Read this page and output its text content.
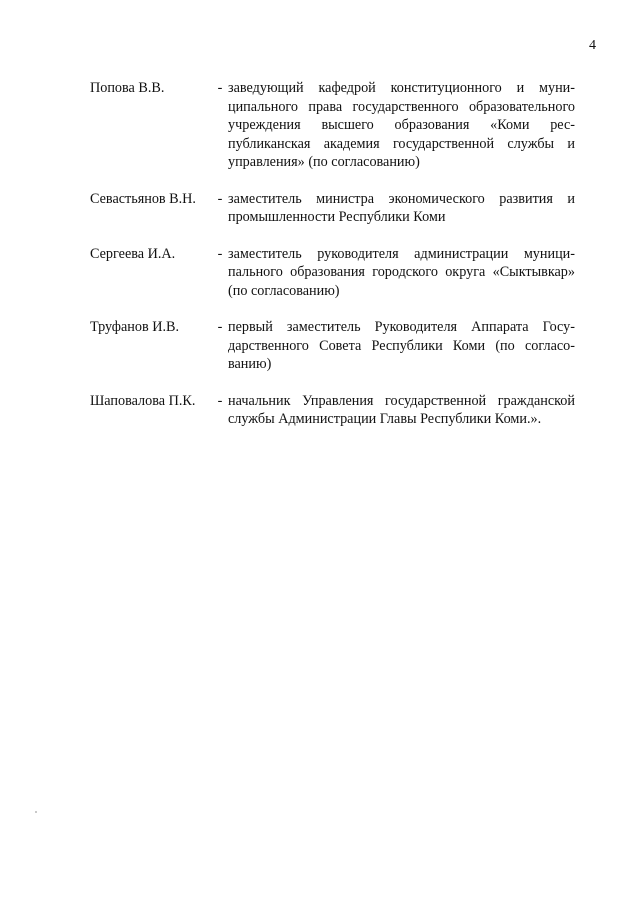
4
Попова В.В.	- заведующий кафедрой конституционного и муниципального права государственного образовательного учреждения высшего образования «Коми республиканская академия государственной службы и управления» (по согласованию)
Севастьянов В.Н.	- заместитель министра экономического развития и промышленности Республики Коми
Сергеева И.А.	- заместитель руководителя администрации муниципального образования городского округа «Сыктывкар» (по согласованию)
Труфанов И.В.	- первый заместитель Руководителя Аппарата Государственного Совета Республики Коми (по согласованию)
Шаповалова П.К.	- начальник Управления государственной гражданской службы Администрации Главы Республики Коми.».
